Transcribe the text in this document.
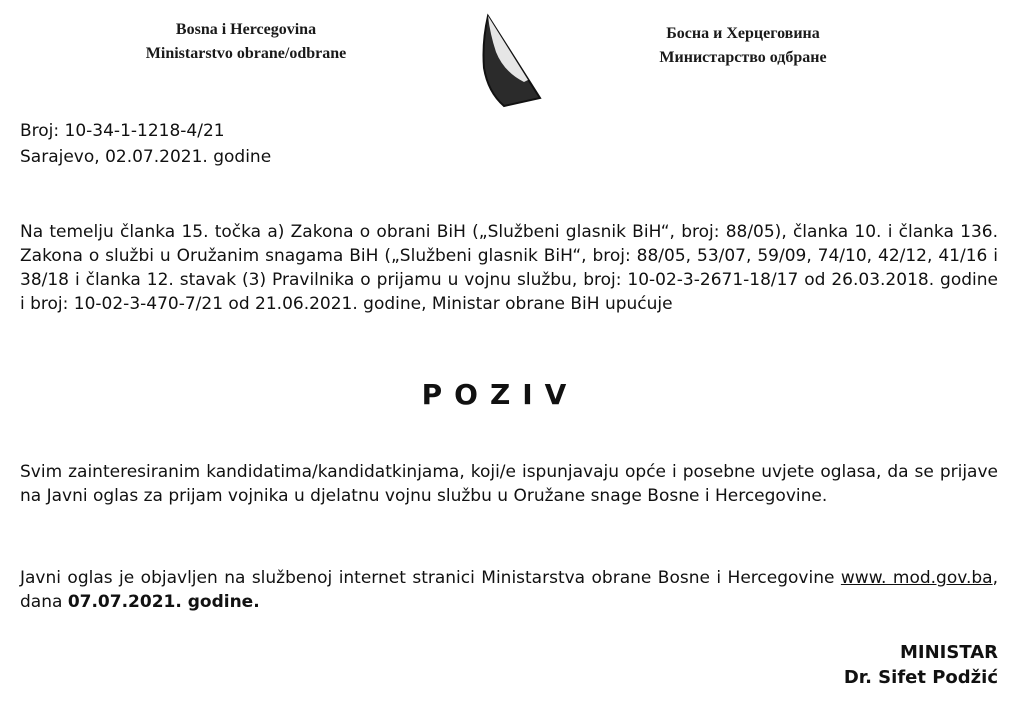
Bosna i Hercegovina
Ministarstvo obrane/odbrane
Босна и Херцеговина
Министарство одбране
Broj: 10-34-1-1218-4/21
Sarajevo, 02.07.2021. godine
Na temelju članka 15. točka a) Zakona o obrani BiH („Službeni glasnik BiH“, broj: 88/05), članka 10. i članka 136. Zakona o službi u Oružanim snagama BiH („Službeni glasnik BiH“, broj: 88/05, 53/07, 59/09, 74/10, 42/12, 41/16 i 38/18 i članka 12. stavak (3) Pravilnika o prijamu u vojnu službu, broj: 10-02-3-2671-18/17 od 26.03.2018. godine i broj: 10-02-3-470-7/21 od 21.06.2021. godine, Ministar obrane BiH upućuje
POZIV
Svim zainteresiranim kandidatima/kandidatkinjama, koji/e ispunjavaju opće i posebne uvjete oglasa, da se prijave na Javni oglas za prijam vojnika u djelatnu vojnu službu u Oružane snage Bosne i Hercegovine.
Javni oglas je objavljen na službenoj internet stranici Ministarstva obrane Bosne i Hercegovine www. mod.gov.ba, dana 07.07.2021. godine.
MINISTAR
Dr. Sifet Podžić
